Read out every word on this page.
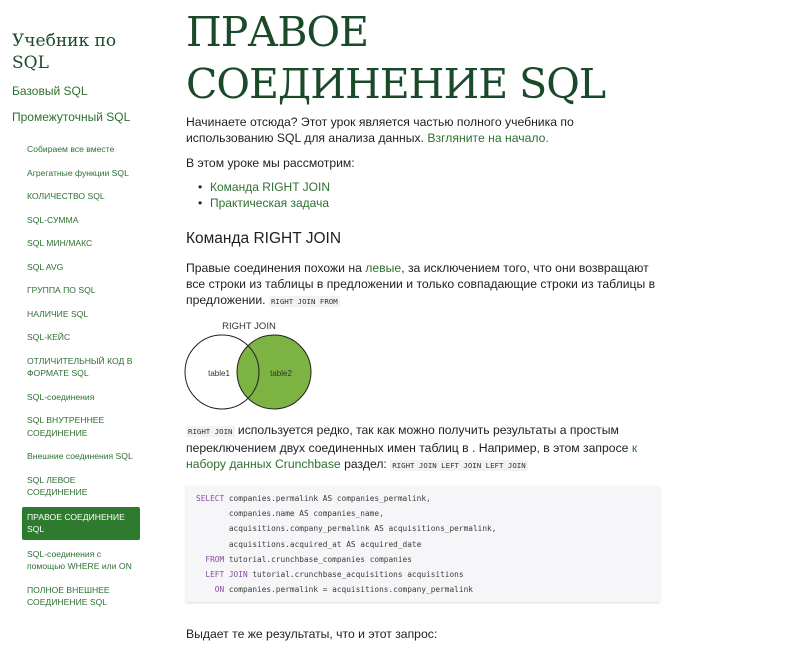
Учебник по
SQL
Базовый SQL
Промежуточный SQL
Собираем все вместе
Агрегатные функции SQL
КОЛИЧЕСТВО SQL
SQL-СУММА
SQL МИН/МАКС
SQL AVG
ГРУППА ПО SQL
НАЛИЧИЕ SQL
SQL-КЕЙС
ОТЛИЧИТЕЛЬНЫЙ КОД В ФОРМАТЕ SQL
SQL-соединения
SQL ВНУТРЕННЕЕ СОЕДИНЕНИЕ
Внешние соединения SQL
SQL ЛЕВОЕ СОЕДИНЕНИЕ
ПРАВОЕ СОЕДИНЕНИЕ SQL
SQL-соединения с помощью WHERE или ON
ПОЛНОЕ ВНЕШНЕЕ СОЕДИНЕНИЕ SQL
ПРАВОЕ
СОЕДИНЕНИЕ SQL

Начинаете отсюда? Этот урок является частью полного учебника по использованию SQL для анализа данных. Взгляните на начало.

В этом уроке мы рассмотрим:

• Команда RIGHT JOIN
• Практическая задача
Команда RIGHT JOIN

Правые соединения похожи на левые, за исключением того, что они возвращают все строки из таблицы в предложении и только совпадающие строки из таблицы в предложении. RIGHT JOIN FROM

RIGHT JOIN
table1	table2

RIGHT JOIN используется редко, так как можно получить результаты а простым переключением двух соединенных имен таблиц в . Например, в этом запросе к набору данных Crunchbase раздел: RIGHT JOIN LEFT JOIN LEFT JOIN

SELECT companies.permalink AS companies_permalink,
companies.name AS companies_name,
acquisitions.company_permalink AS acquisitions_permalink,
acquisitions.acquired_at AS acquired_date
FROM tutorial.crunchbase_companies companies
LEFT JOIN tutorial.crunchbase_acquisitions acquisitions
ON companies.permalink = acquisitions.company_permalink

Выдает те же результаты, что и этот запрос:
